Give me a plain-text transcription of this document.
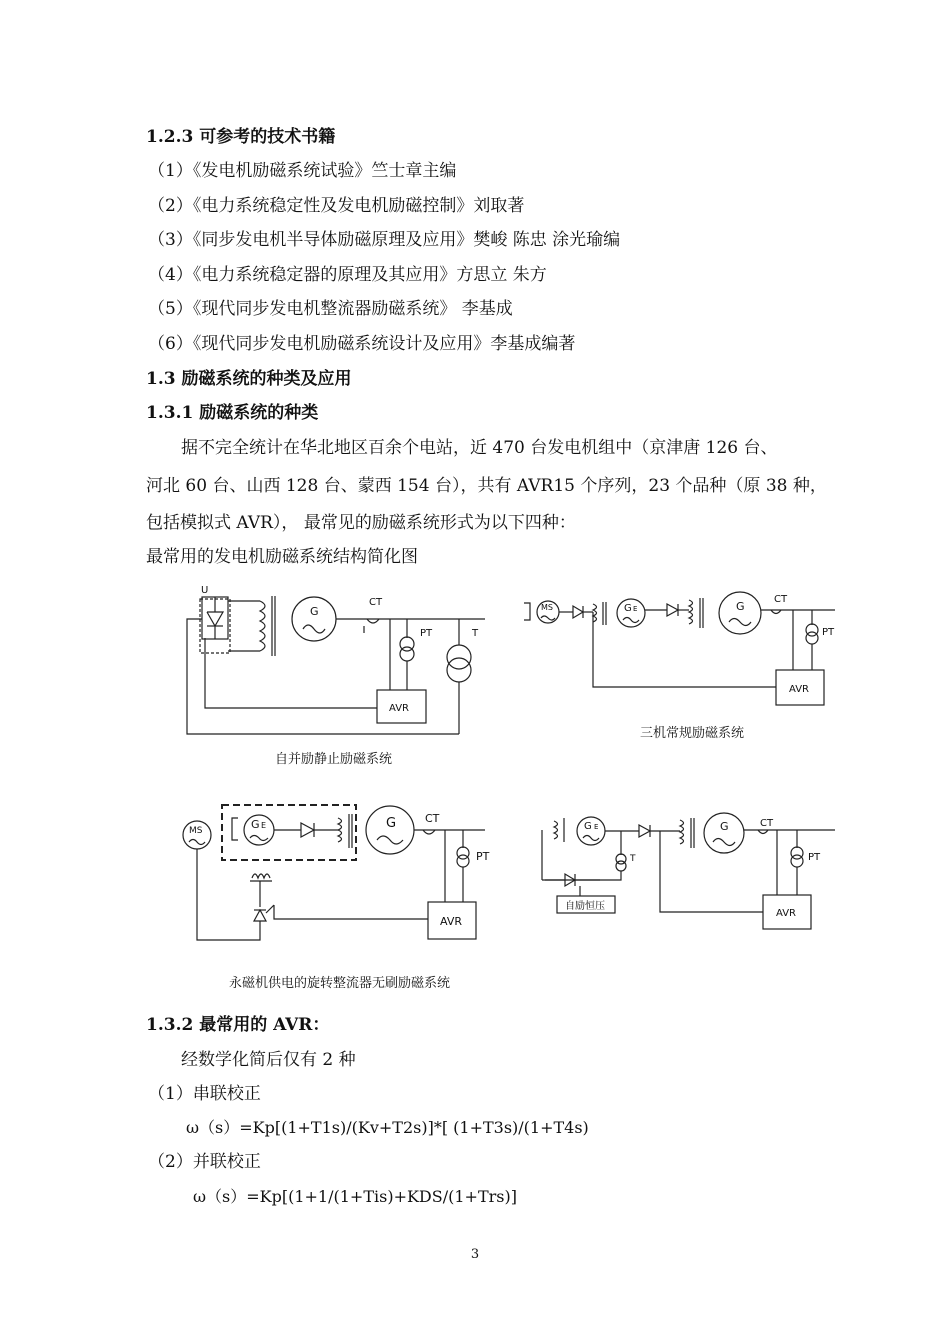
1.2.3 可参考的技术书籍
（1）《发电机励磁系统试验》竺士章主编
（2）《电力系统稳定性及发电机励磁控制》刘取著
（3）《同步发电机半导体励磁原理及应用》樊峻 陈忠 涂光瑜编
（4）《电力系统稳定器的原理及其应用》方思立 朱方
（5）《现代同步发电机整流器励磁系统》 李基成
（6）《现代同步发电机励磁系统设计及应用》李基成编著
1.3 励磁系统的种类及应用
1.3.1 励磁系统的种类
据不完全统计在华北地区百余个电站，近 470 台发电机组中（京津唐 126 台、
河北 60 台、山西 128 台、蒙西 154 台），共有 AVR15 个序列，23 个品种（原 38 种，
包括模拟式 AVR）， 最常见的励磁系统形式为以下四种：
最常用的发电机励磁系统结构简化图
U
G
CT
PT	T
AVR
MS	G E	G
CT
PT
AVR
MS	G E	G	CT
PT
AVR
G E	G	CT
PT
AVR
T
自励恒压
自并励静止励磁系统
三机常规励磁系统
永磁机供电的旋转整流器无刷励磁系统
1.3.2 最常用的 AVR：
经数学化简后仅有 2 种
（1）串联校正
ω（s）=Kp[(1+T1s)/(Kv+T2s)]*[ (1+T3s)/(1+T4s)
（2）并联校正
ω（s）=Kp[(1+1/(1+Tis)+KDS/(1+Trs)]
3
